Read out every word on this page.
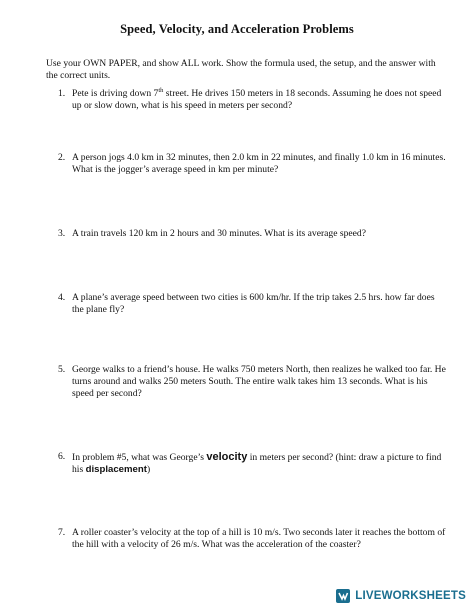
Speed, Velocity, and Acceleration Problems
Use your OWN PAPER, and show ALL work. Show the formula used, the setup, and the answer with the correct units.
1. Pete is driving down 7th street. He drives 150 meters in 18 seconds. Assuming he does not speed up or slow down, what is his speed in meters per second?
2. A person jogs 4.0 km in 32 minutes, then 2.0 km in 22 minutes, and finally 1.0 km in 16 minutes. What is the jogger’s average speed in km per minute?
3. A train travels 120 km in 2 hours and 30 minutes. What is its average speed?
4. A plane’s average speed between two cities is 600 km/hr. If the trip takes 2.5 hrs. how far does the plane fly?
5. George walks to a friend’s house. He walks 750 meters North, then realizes he walked too far. He turns around and walks 250 meters South. The entire walk takes him 13 seconds. What is his speed per second?
6. In problem #5, what was George’s velocity in meters per second? (hint: draw a picture to find his displacement)
7. A roller coaster’s velocity at the top of a hill is 10 m/s. Two seconds later it reaches the bottom of the hill with a velocity of 26 m/s. What was the acceleration of the coaster?
LIVEWORKSHEETS
